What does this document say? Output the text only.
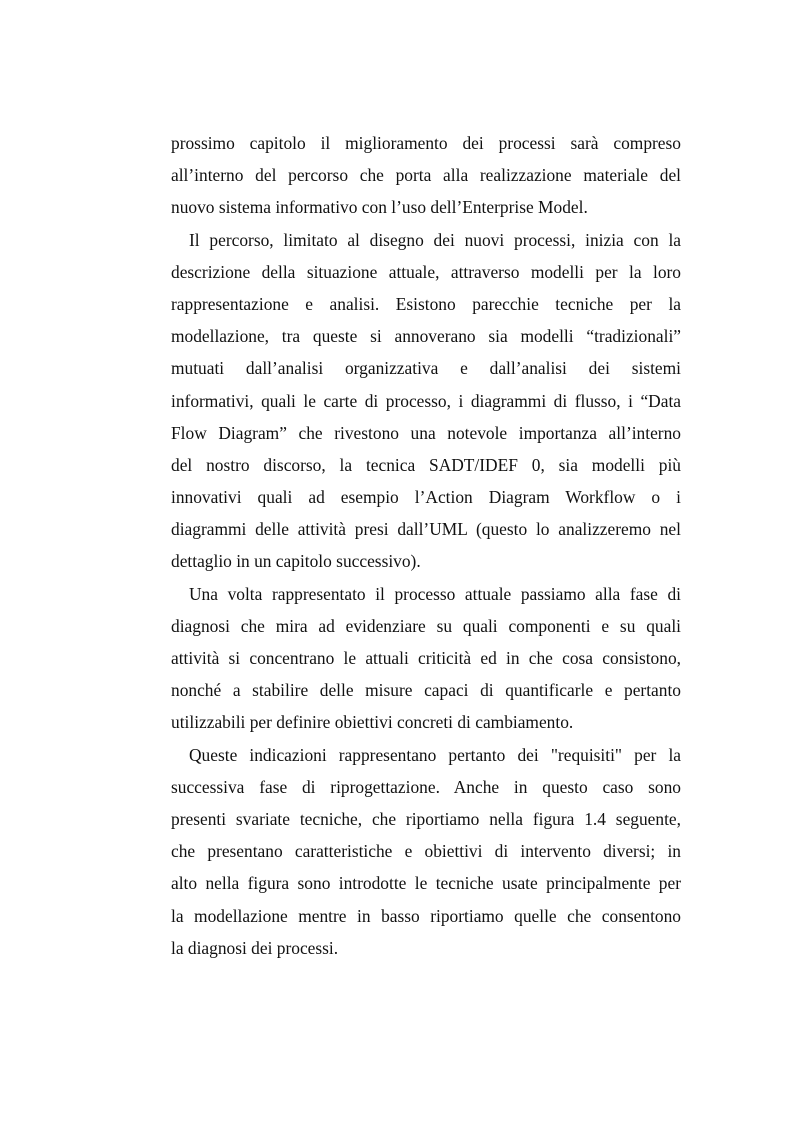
prossimo capitolo il miglioramento dei processi sarà compreso
all’interno del percorso che porta alla realizzazione materiale del
nuovo sistema informativo con l’uso dell’Enterprise Model.
Il percorso, limitato al disegno dei nuovi processi, inizia con la
descrizione della situazione attuale, attraverso modelli per la loro
rappresentazione e analisi. Esistono parecchie tecniche per la
modellazione, tra queste si annoverano sia modelli “tradizionali”
mutuati dall’analisi organizzativa e dall’analisi dei sistemi
informativi, quali le carte di processo, i diagrammi di flusso, i “Data
Flow Diagram” che rivestono una notevole importanza all’interno
del nostro discorso, la tecnica SADT/IDEF 0, sia modelli più
innovativi quali ad esempio l’Action Diagram Workflow o i
diagrammi delle attività presi dall’UML (questo lo analizzeremo nel
dettaglio in un capitolo successivo).
Una volta rappresentato il processo attuale passiamo alla fase di
diagnosi che mira ad evidenziare su quali componenti e su quali
attività si concentrano le attuali criticità ed in che cosa consistono,
nonché a stabilire delle misure capaci di quantificarle e pertanto
utilizzabili per definire obiettivi concreti di cambiamento.
Queste indicazioni rappresentano pertanto dei "requisiti" per la
successiva fase di riprogettazione. Anche in questo caso sono
presenti svariate tecniche, che riportiamo nella figura 1.4 seguente,
che presentano caratteristiche e obiettivi di intervento diversi; in
alto nella figura sono introdotte le tecniche usate principalmente per
la modellazione mentre in basso riportiamo quelle che consentono
la diagnosi dei processi.
